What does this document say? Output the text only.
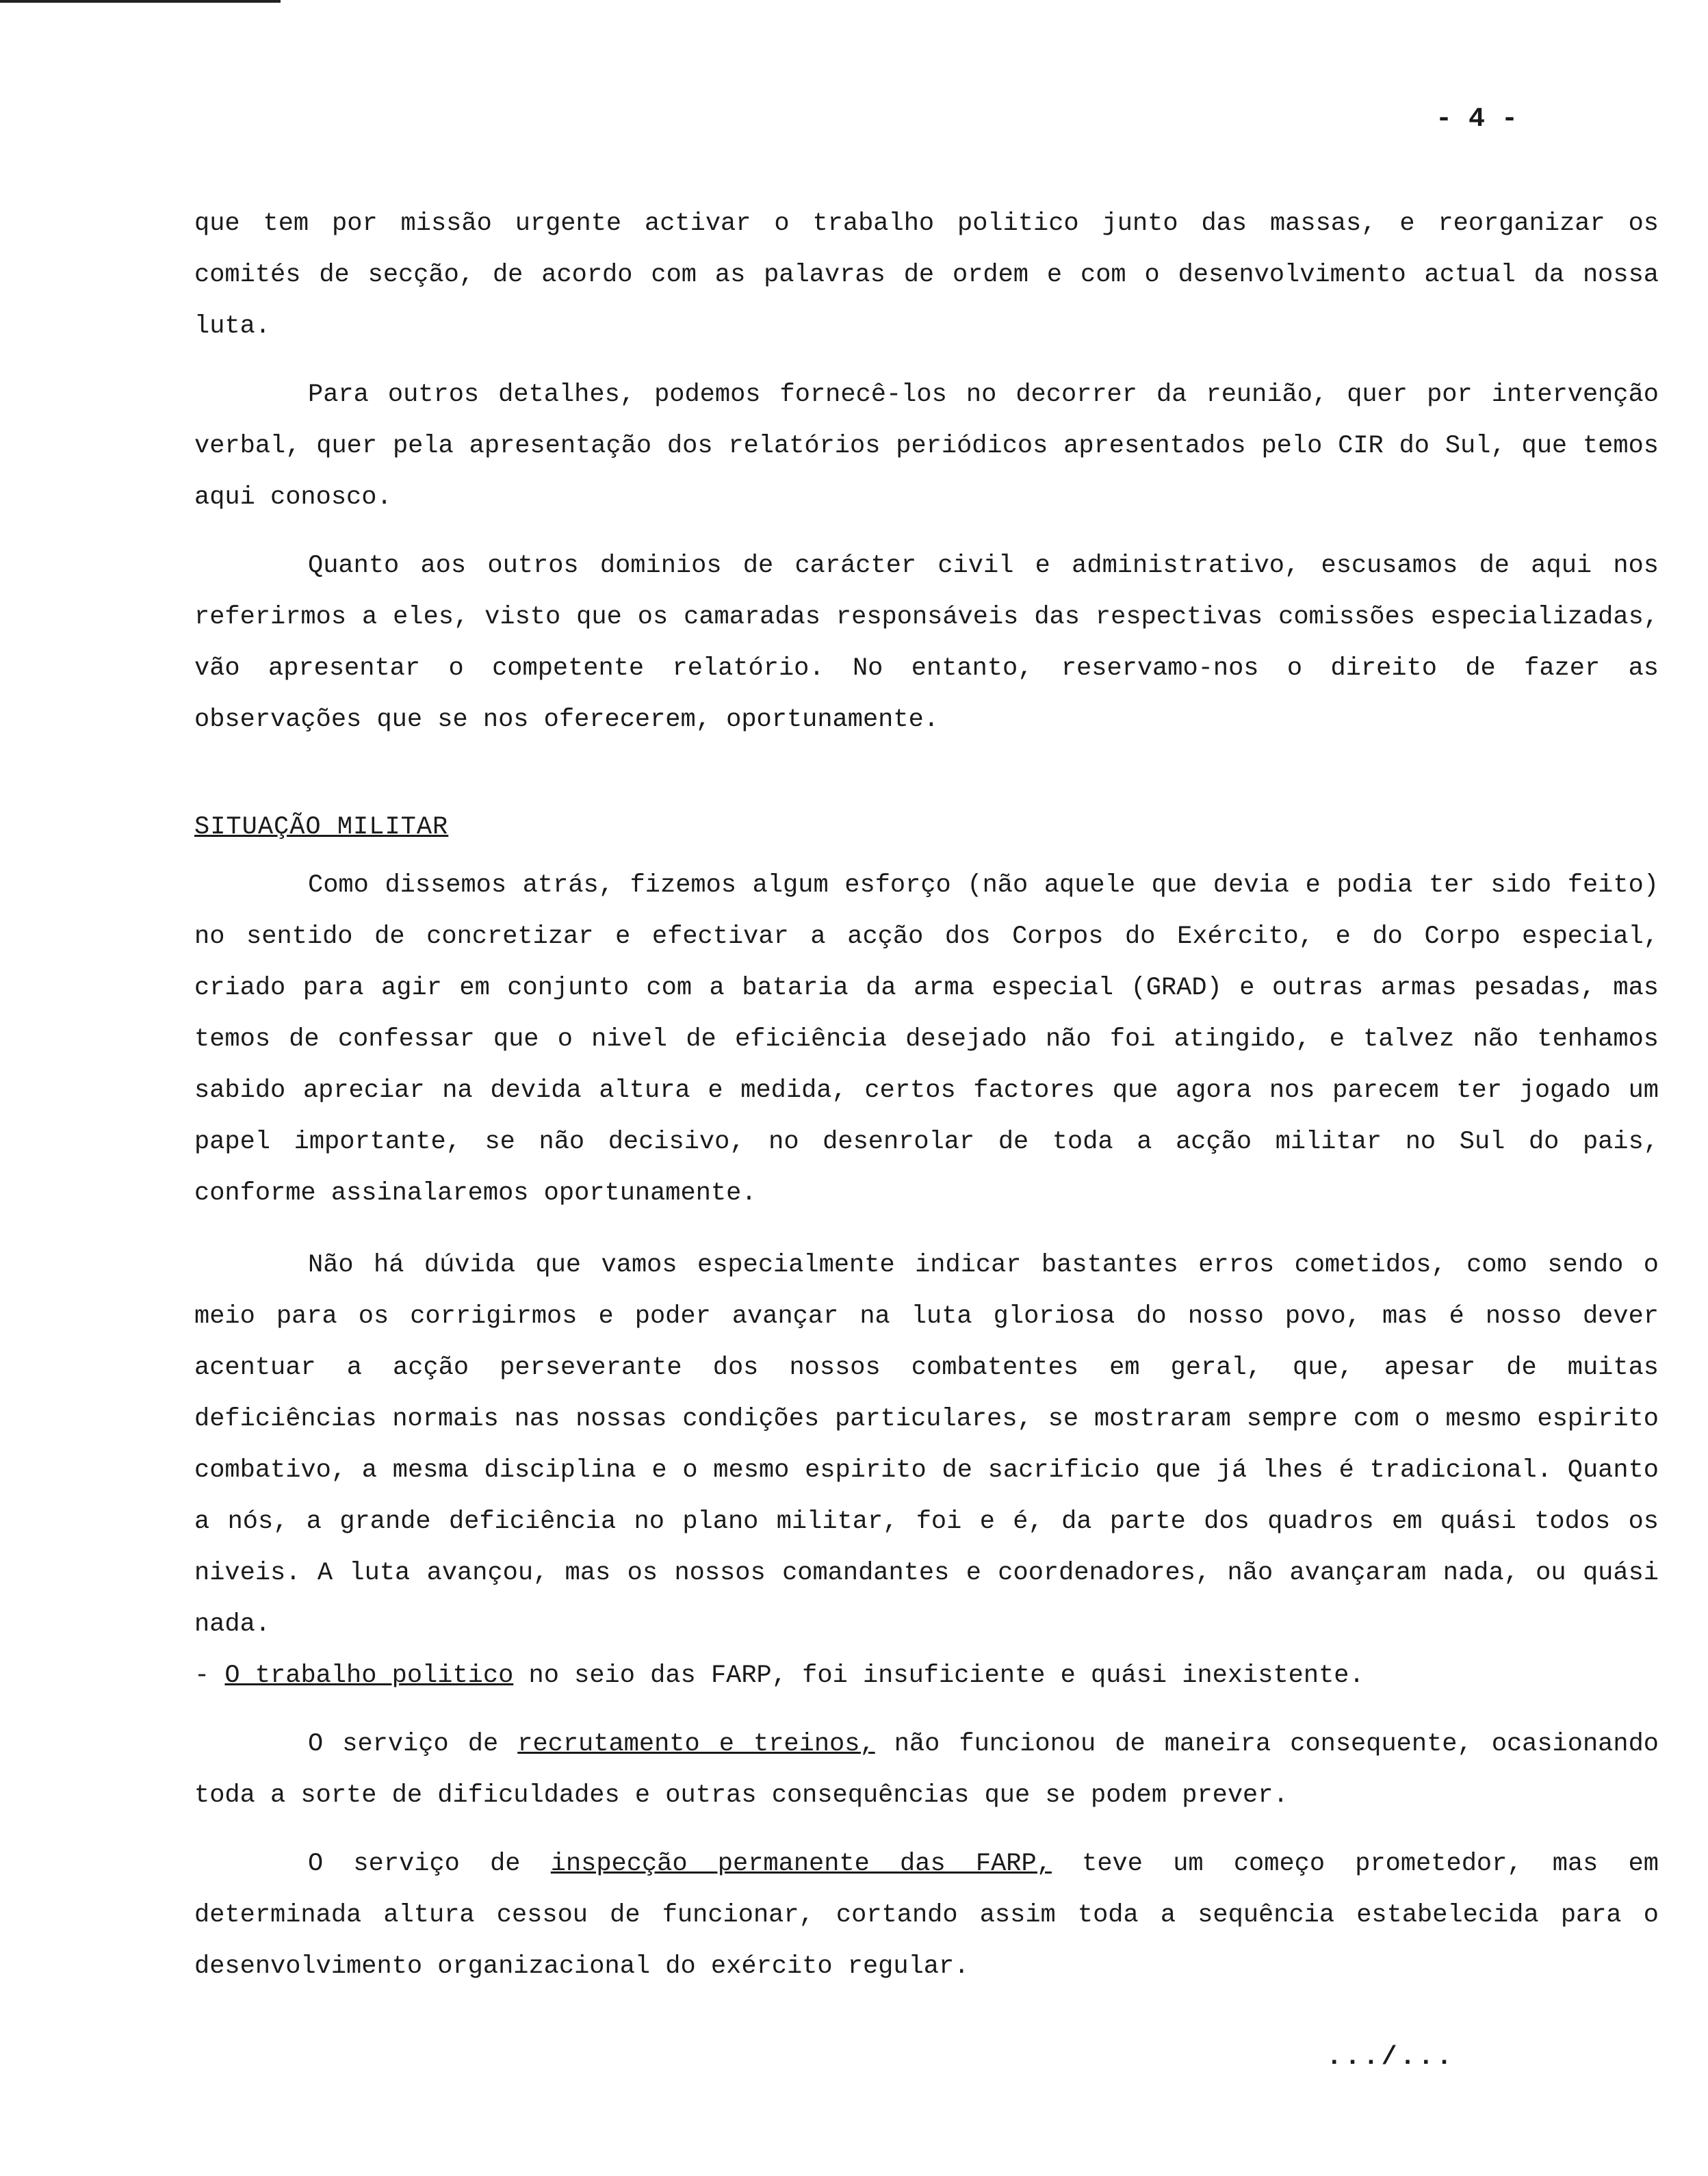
- 4 -

que tem por missão urgente activar o trabalho politico junto das massas, e reorganizar os comités de secção, de acordo com as palavras de ordem e com o desenvolvimento actual da nossa luta.

Para outros detalhes, podemos fornecê-los no decorrer da reunião, quer por intervenção verbal, quer pela apresentação dos relatórios periódicos apresentados pelo CIR do Sul, que temos aqui conosco.

Quanto aos outros dominios de carácter civil e administrativo, escusamos de aqui nos referirmos a eles, visto que os camaradas responsáveis das respectivas comissões especializadas, vão apresentar o competente relatório. No entanto, reservamo-nos o direito de fazer as observações que se nos oferecerem, oportunamente.

SITUAÇÃO MILITAR

Como dissemos atrás, fizemos algum esforço (não aquele que devia e podia ter sido feito) no sentido de concretizar e efectivar a acção dos Corpos do Exército, e do Corpo especial, criado para agir em conjunto com a bataria da arma especial (GRAD) e outras armas pesadas, mas temos de confessar que o nivel de eficiência desejado não foi atingido, e talvez não tenhamos sabido apreciar na devida altura e medida, certos factores que agora nos parecem ter jogado um papel importante, se não decisivo, no desenrolar de toda a acção militar no Sul do pais, conforme assinalaremos oportunamente.

Não há dúvida que vamos especialmente indicar bastantes erros cometidos, como sendo o meio para os corrigirmos e poder avançar na luta gloriosa do nosso povo, mas é nosso dever acentuar a acção perseverante dos nossos combatentes em geral, que, apesar de muitas deficiências normais nas nossas condições particulares, se mostraram sempre com o mesmo espirito combativo, a mesma disciplina e o mesmo espirito de sacrificio que já lhes é tradicional. Quanto a nós, a grande deficiência no plano militar, foi e é, da parte dos quadros em quási todos os niveis. A luta avançou, mas os nossos comandantes e coordenadores, não avançaram nada, ou quási nada.

- O trabalho politico no seio das FARP, foi insuficiente e quási inexistente.

O serviço de recrutamento e treinos, não funcionou de maneira consequente, ocasionando toda a sorte de dificuldades e outras consequências que se podem prever.

O serviço de inspecção permanente das FARP, teve um começo prometedor, mas em determinada altura cessou de funcionar, cortando assim toda a sequência estabelecida para o desenvolvimento organizacional do exército regular.

.../...
